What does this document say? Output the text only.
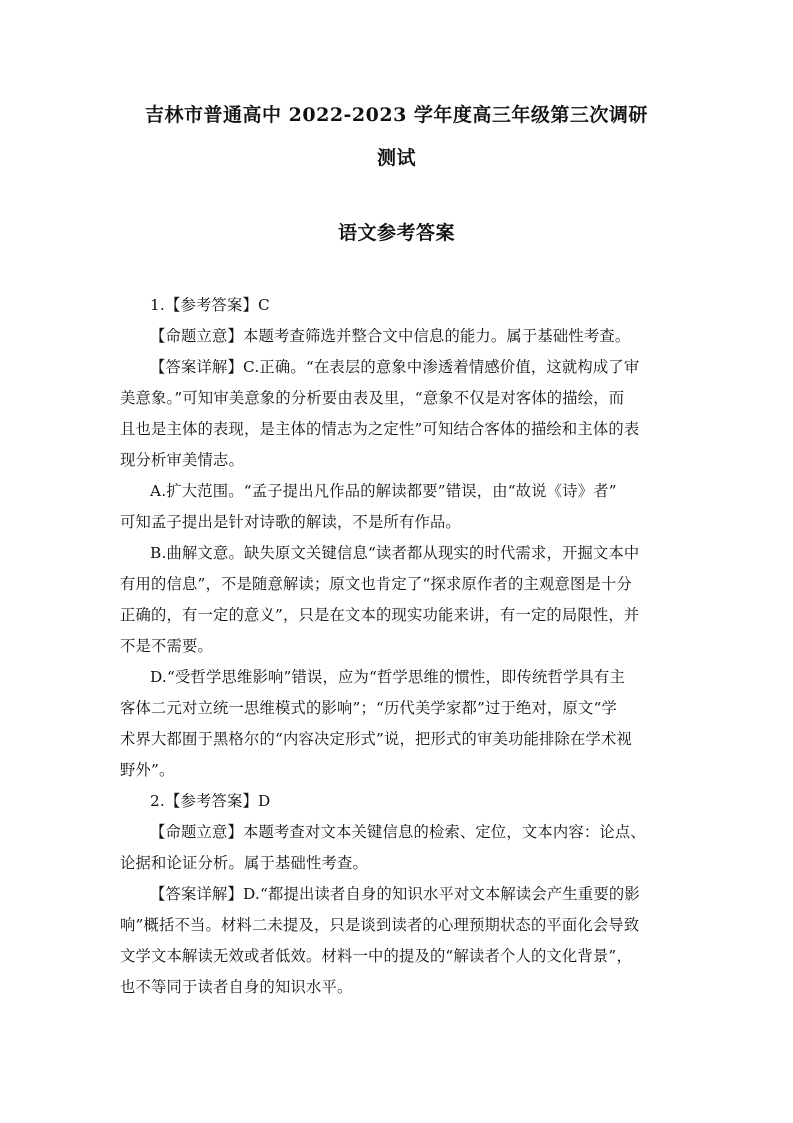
吉林市普通高中 2022-2023 学年度高三年级第三次调研
测试
语文参考答案
1.【参考答案】C
【命题立意】本题考查筛选并整合文中信息的能力。属于基础性考查。
【答案详解】C.正确。“在表层的意象中渗透着情感价值，这就构成了审
美意象。”可知审美意象的分析要由表及里，“意象不仅是对客体的描绘，而
且也是主体的表现，是主体的情志为之定性”可知结合客体的描绘和主体的表
现分析审美情志。
A.扩大范围。“孟子提出凡作品的解读都要”错误，由“故说《诗》者”
可知孟子提出是针对诗歌的解读，不是所有作品。
B.曲解文意。缺失原文关键信息“读者都从现实的时代需求，开掘文本中
有用的信息”，不是随意解读；原文也肯定了“探求原作者的主观意图是十分
正确的，有一定的意义”，只是在文本的现实功能来讲，有一定的局限性，并
不是不需要。
D.“受哲学思维影响”错误，应为“哲学思维的惯性，即传统哲学具有主
客体二元对立统一思维模式的影响”；“历代美学家都”过于绝对，原文“学
术界大都囿于黑格尔的“内容决定形式”说，把形式的审美功能排除在学术视
野外”。
2.【参考答案】D
【命题立意】本题考查对文本关键信息的检索、定位，文本内容：论点、
论据和论证分析。属于基础性考查。
【答案详解】D.“都提出读者自身的知识水平对文本解读会产生重要的影
响”概括不当。材料二未提及，只是谈到读者的心理预期状态的平面化会导致
文学文本解读无效或者低效。材料一中的提及的“解读者个人的文化背景”，
也不等同于读者自身的知识水平。
